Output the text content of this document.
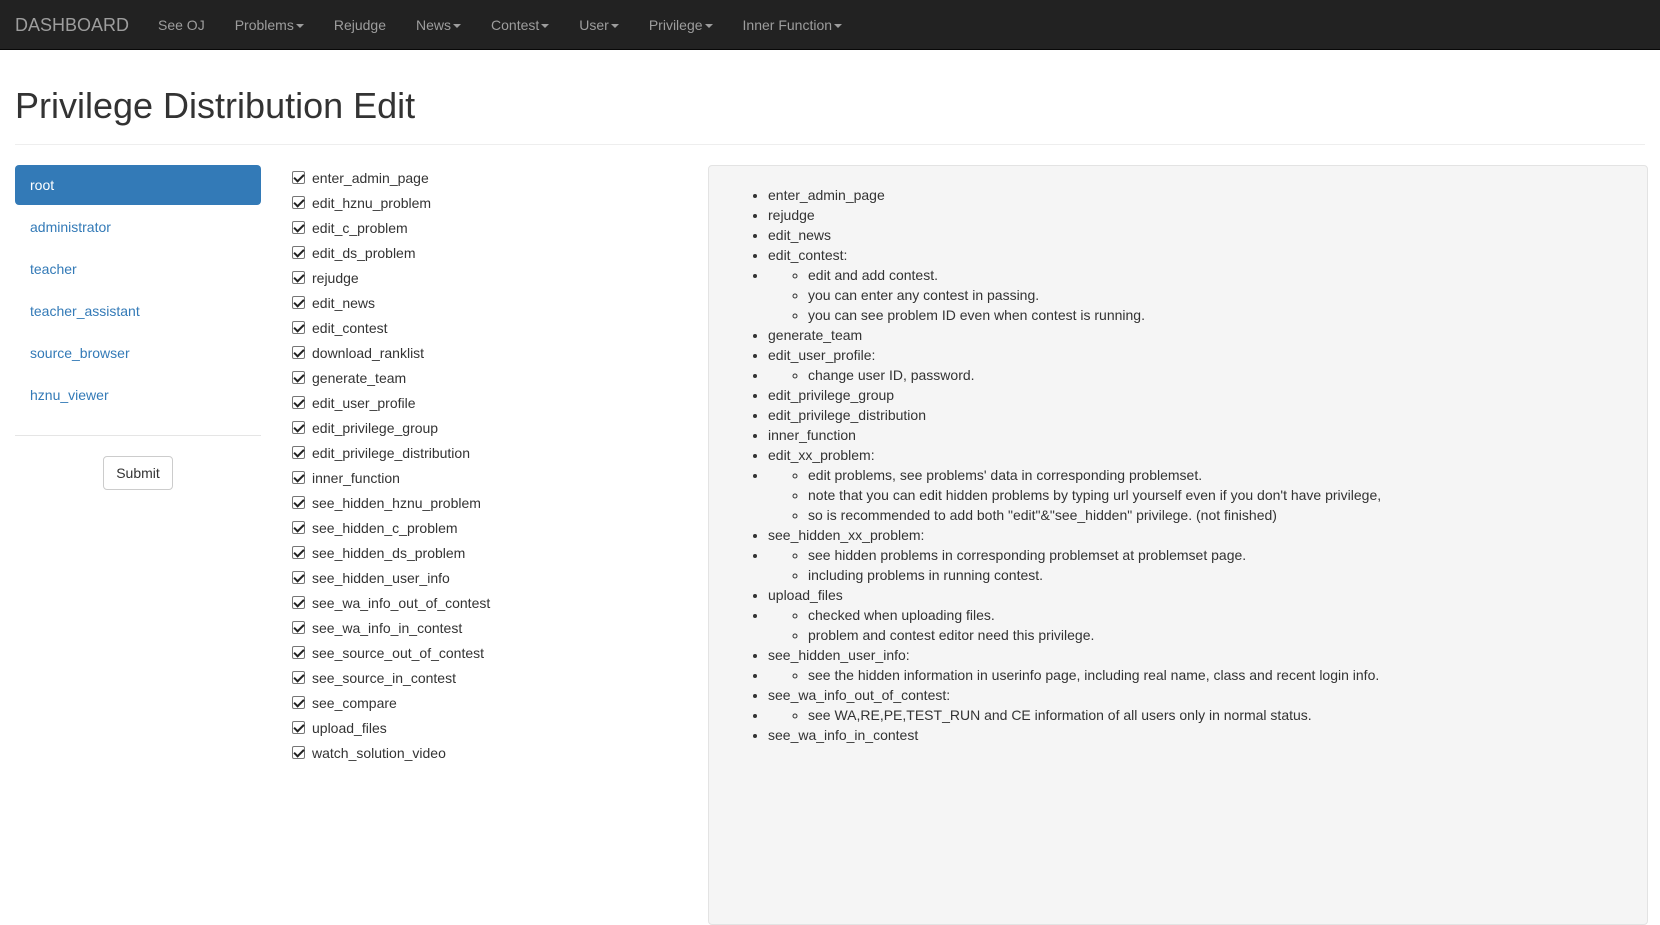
DASHBOARD	See OJ	Problems	Rejudge	News	Contest	User	Privilege	Inner Function
Privilege Distribution Edit
root
administrator
teacher
teacher_assistant
source_browser
hznu_viewer
Submit
enter_admin_page
edit_hznu_problem
edit_c_problem
edit_ds_problem
rejudge
edit_news
edit_contest
download_ranklist
generate_team
edit_user_profile
edit_privilege_group
edit_privilege_distribution
inner_function
see_hidden_hznu_problem
see_hidden_c_problem
see_hidden_ds_problem
see_hidden_user_info
see_wa_info_out_of_contest
see_wa_info_in_contest
see_source_out_of_contest
see_source_in_contest
see_compare
upload_files
watch_solution_video
• enter_admin_page
• rejudge
• edit_news
• edit_contest:
◦ • edit and add contest.
◦ you can enter any contest in passing.
◦ you can see problem ID even when contest is running.
• generate_team
• edit_user_profile:
◦ • change user ID, password.
• edit_privilege_group
• edit_privilege_distribution
• inner_function
• edit_xx_problem:
◦ • edit problems, see problems' data in corresponding problemset.
◦ note that you can edit hidden problems by typing url yourself even if you don't have privilege,
◦ so is recommended to add both "edit"&"see_hidden" privilege. (not finished)
• see_hidden_xx_problem:
◦ • see hidden problems in corresponding problemset at problemset page.
◦ including problems in running contest.
• upload_files
◦ • checked when uploading files.
◦ problem and contest editor need this privilege.
• see_hidden_user_info:
◦ • see the hidden information in userinfo page, including real name, class and recent login info.
• see_wa_info_out_of_contest:
◦ • see WA,RE,PE,TEST_RUN and CE information of all users only in normal status.
• see_wa_info_in_contest
